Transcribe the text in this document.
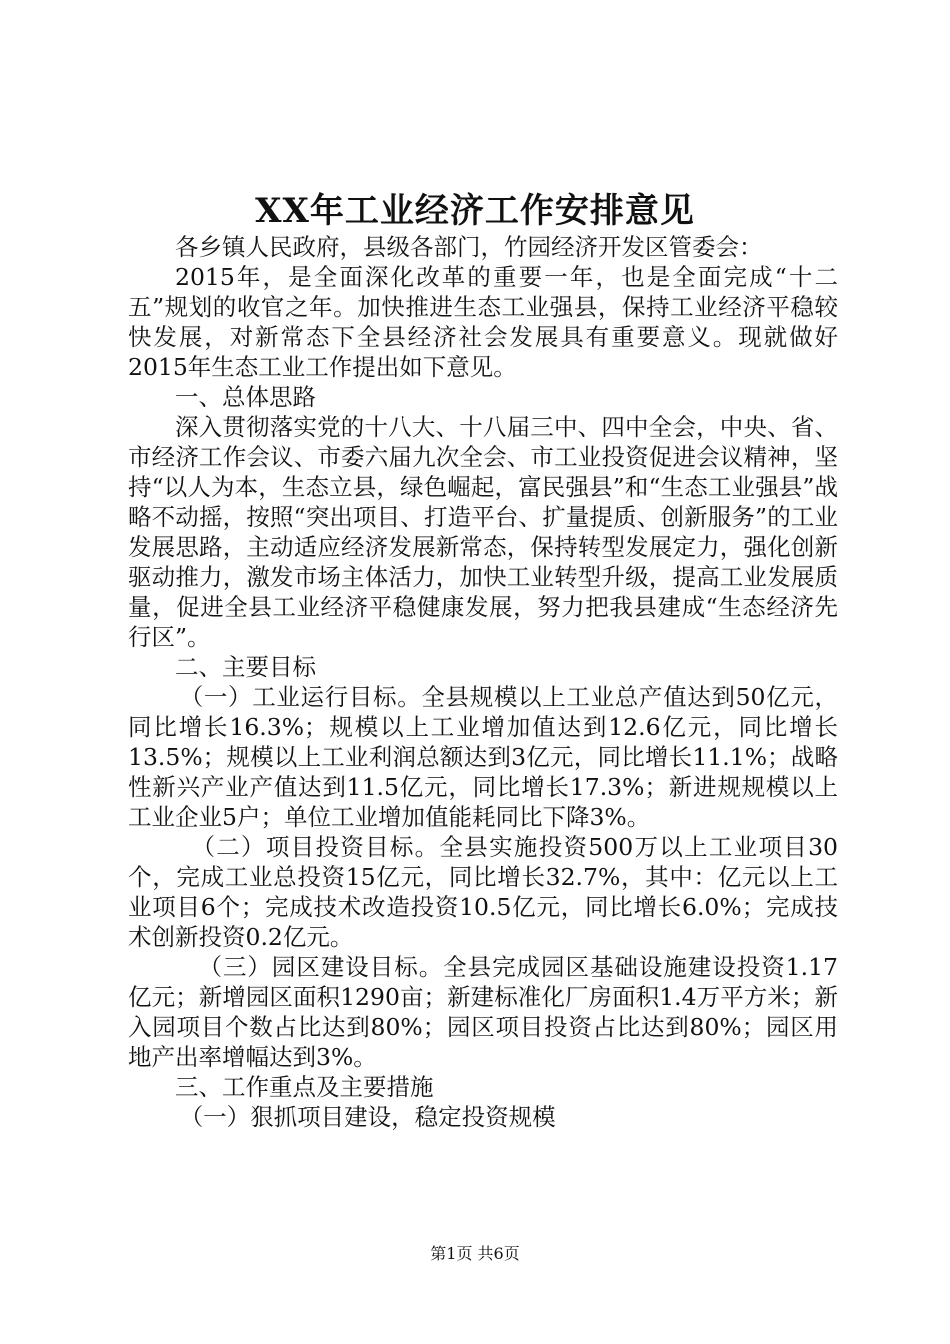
XX年工业经济工作安排意见

各乡镇人民政府，县级各部门，竹园经济开发区管委会：

2015年，是全面深化改革的重要一年，也是全面完成“十二五”规划的收官之年。加快推进生态工业强县，保持工业经济平稳较快发展，对新常态下全县经济社会发展具有重要意义。现就做好2015年生态工业工作提出如下意见。

一、总体思路

深入贯彻落实党的十八大、十八届三中、四中全会，中央、省、市经济工作会议、市委六届九次全会、市工业投资促进会议精神，坚持“以人为本，生态立县，绿色崛起，富民强县”和“生态工业强县”战略不动摇，按照“突出项目、打造平台、扩量提质、创新服务”的工业发展思路，主动适应经济发展新常态，保持转型发展定力，强化创新驱动推力，激发市场主体活力，加快工业转型升级，提高工业发展质量，促进全县工业经济平稳健康发展，努力把我县建成“生态经济先行区”。

二、主要目标

（一）工业运行目标。全县规模以上工业总产值达到50亿元，同比增长16.3%；规模以上工业增加值达到12.6亿元，同比增长13.5%；规模以上工业利润总额达到3亿元，同比增长11.1%；战略性新兴产业产值达到11.5亿元，同比增长17.3%；新进规规模以上工业企业5户；单位工业增加值能耗同比下降3%。

（二）项目投资目标。全县实施投资500万以上工业项目30个，完成工业总投资15亿元，同比增长32.7%，其中：亿元以上工业项目6个；完成技术改造投资10.5亿元，同比增长6.0%；完成技术创新投资0.2亿元。

（三）园区建设目标。全县完成园区基础设施建设投资1.17亿元；新增园区面积1290亩；新建标准化厂房面积1.4万平方米；新入园项目个数占比达到80%；园区项目投资占比达到80%；园区用地产出率增幅达到3%。

三、工作重点及主要措施

（一）狠抓项目建设，稳定投资规模

第1页 共6页
